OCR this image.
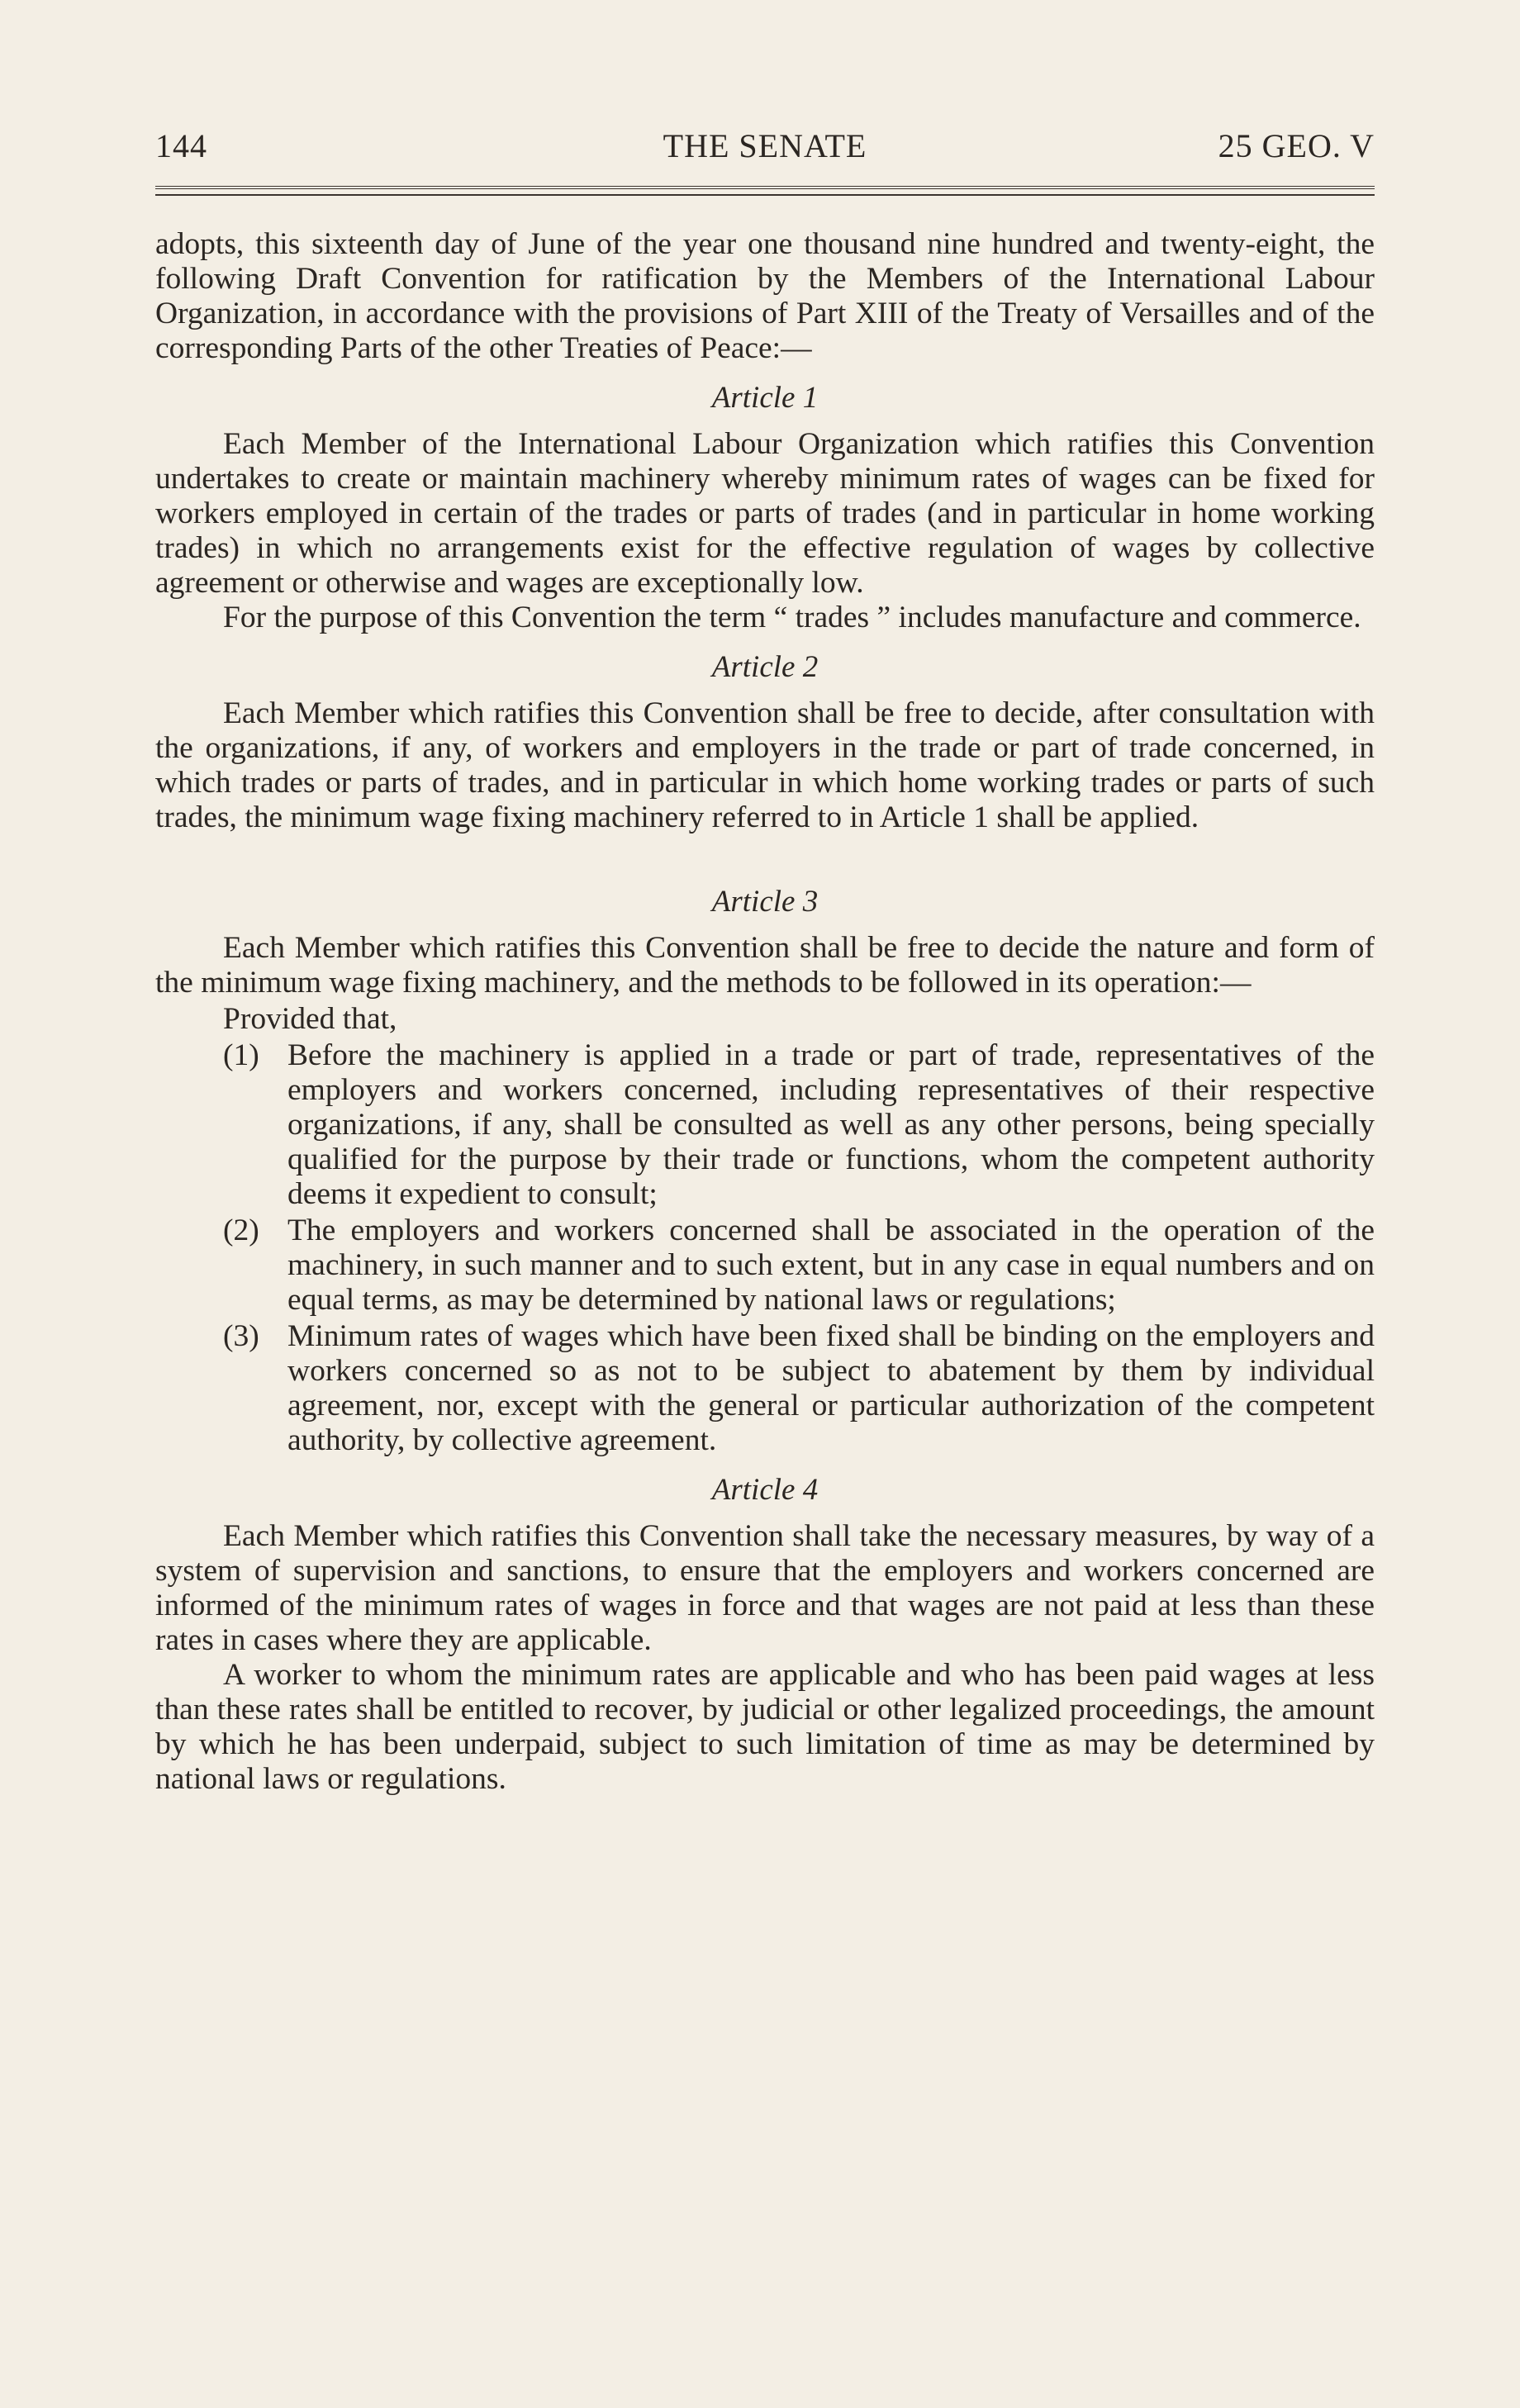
144	THE SENATE	25 GEO. V

adopts, this sixteenth day of June of the year one thousand nine hundred and twenty-eight, the following Draft Convention for ratification by the Members of the International Labour Organization, in accordance with the provisions of Part XIII of the Treaty of Versailles and of the corresponding Parts of the other Treaties of Peace:—

Article 1

Each Member of the International Labour Organization which ratifies this Convention undertakes to create or maintain machinery whereby minimum rates of wages can be fixed for workers employed in certain of the trades or parts of trades (and in particular in home working trades) in which no arrangements exist for the effective regulation of wages by collective agreement or otherwise and wages are exceptionally low.

For the purpose of this Convention the term “ trades ” includes manufacture and commerce.

Article 2

Each Member which ratifies this Convention shall be free to decide, after consultation with the organizations, if any, of workers and employers in the trade or part of trade concerned, in which trades or parts of trades, and in particular in which home working trades or parts of such trades, the minimum wage fixing machinery referred to in Article 1 shall be applied.

Article 3

Each Member which ratifies this Convention shall be free to decide the nature and form of the minimum wage fixing machinery, and the methods to be followed in its operation:—

Provided that,

(1) Before the machinery is applied in a trade or part of trade, representatives of the employers and workers concerned, including representatives of their respective organizations, if any, shall be consulted as well as any other persons, being specially qualified for the purpose by their trade or functions, whom the competent authority deems it expedient to consult;
(2) The employers and workers concerned shall be associated in the operation of the machinery, in such manner and to such extent, but in any case in equal numbers and on equal terms, as may be determined by national laws or regulations;
(3) Minimum rates of wages which have been fixed shall be binding on the employers and workers concerned so as not to be subject to abatement by them by individual agreement, nor, except with the general or particular authorization of the competent authority, by collective agreement.
Article 4

Each Member which ratifies this Convention shall take the necessary measures, by way of a system of supervision and sanctions, to ensure that the employers and workers concerned are informed of the minimum rates of wages in force and that wages are not paid at less than these rates in cases where they are applicable.

A worker to whom the minimum rates are applicable and who has been paid wages at less than these rates shall be entitled to recover, by judicial or other legalized proceedings, the amount by which he has been underpaid, subject to such limitation of time as may be determined by national laws or regulations.
